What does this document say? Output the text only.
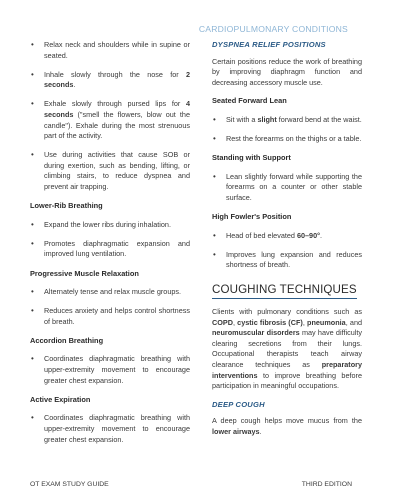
CARDIOPULMONARY CONDITIONS
• Relax neck and shoulders while in supine or seated.
• Inhale slowly through the nose for 2 seconds.
• Exhale slowly through pursed lips for 4 seconds ("smell the flowers, blow out the candle"). Exhale during the most strenuous part of the activity.
• Use during activities that cause SOB or during exertion, such as bending, lifting, or climbing stairs, to reduce dyspnea and prevent air trapping.
Lower-Rib Breathing
• Expand the lower ribs during inhalation.
• Promotes diaphragmatic expansion and improved lung ventilation.
Progressive Muscle Relaxation
• Alternately tense and relax muscle groups.
• Reduces anxiety and helps control shortness of breath.
Accordion Breathing
• Coordinates diaphragmatic breathing with upper-extremity movement to encourage greater chest expansion.
Active Expiration
• Coordinates diaphragmatic breathing with upper-extremity movement to encourage greater chest expansion.
DYSPNEA RELIEF POSITIONS

Certain positions reduce the work of breathing by improving diaphragm function and decreasing accessory muscle use.

Seated Forward Lean
• Sit with a slight forward bend at the waist.
• Rest the forearms on the thighs or a table.
Standing with Support
• Lean slightly forward while supporting the forearms on a counter or other stable surface.
High Fowler's Position
• Head of bed elevated 60–90°.
• Improves lung expansion and reduces shortness of breath.
COUGHING TECHNIQUES

Clients with pulmonary conditions such as COPD, cystic fibrosis (CF), pneumonia, and neuromuscular disorders may have difficulty clearing secretions from their lungs. Occupational therapists teach airway clearance techniques as preparatory interventions to improve breathing before participation in meaningful occupations.

DEEP COUGH

A deep cough helps move mucus from the lower airways.

OT EXAM STUDY GUIDE	THIRD EDITION
